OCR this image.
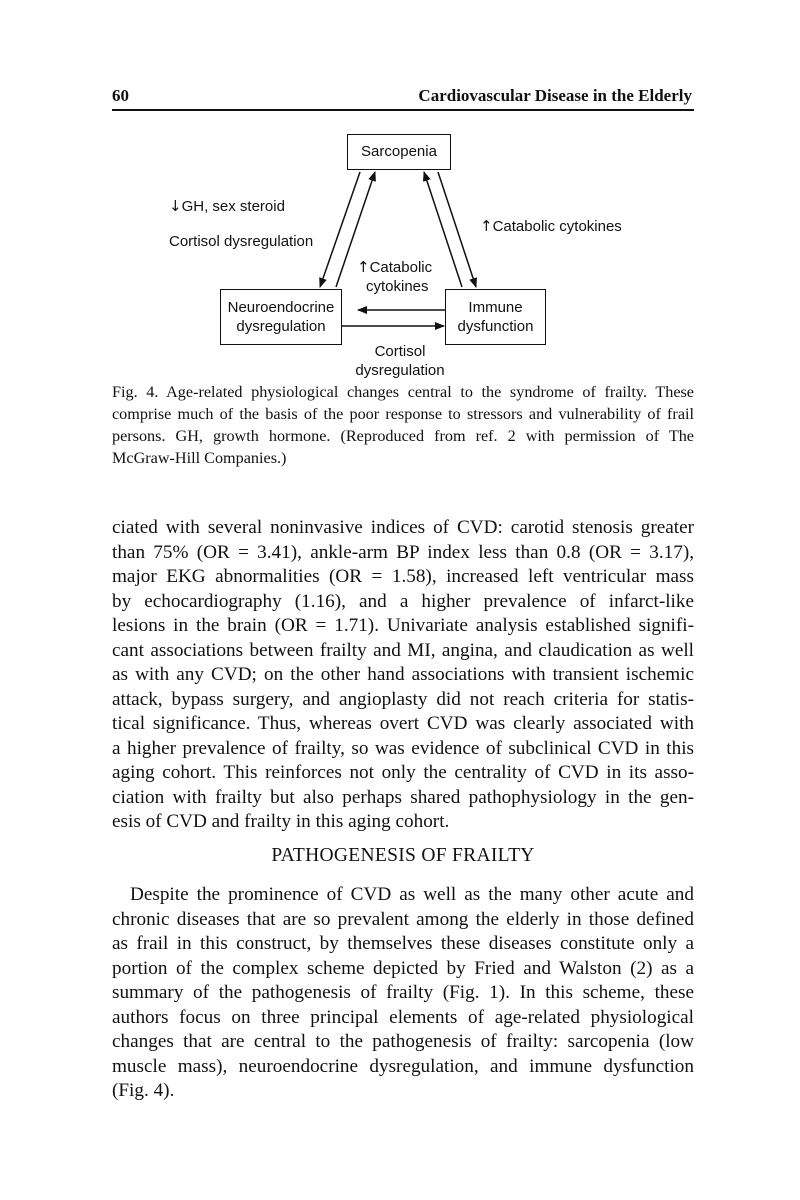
60	Cardiovascular Disease in the Elderly
Sarcopenia
Neuroendocrine
dysregulation
Immune
dysfunction
↓GH, sex steroid
Cortisol dysregulation
↑Catabolic cytokines
↑Catabolic
cytokines
Cortisol
dysregulation
Fig. 4. Age-related physiological changes central to the syndrome of frailty. These comprise much of the basis of the poor response to stressors and vulnerability of frail persons. GH, growth hormone. (Reproduced from ref. 2 with permission of The McGraw-Hill Companies.)
ciated with several noninvasive indices of CVD: carotid stenosis greater
than 75% (OR = 3.41), ankle-arm BP index less than 0.8 (OR = 3.17),
major EKG abnormalities (OR = 1.58), increased left ventricular mass
by echocardiography (1.16), and a higher prevalence of infarct-like
lesions in the brain (OR = 1.71). Univariate analysis established signifi-
cant associations between frailty and MI, angina, and claudication as well
as with any CVD; on the other hand associations with transient ischemic
attack, bypass surgery, and angioplasty did not reach criteria for statis-
tical significance. Thus, whereas overt CVD was clearly associated with
a higher prevalence of frailty, so was evidence of subclinical CVD in this
aging cohort. This reinforces not only the centrality of CVD in its asso-
ciation with frailty but also perhaps shared pathophysiology in the gen-
esis of CVD and frailty in this aging cohort.
PATHOGENESIS OF FRAILTY
Despite the prominence of CVD as well as the many other acute and
chronic diseases that are so prevalent among the elderly in those defined
as frail in this construct, by themselves these diseases constitute only a
portion of the complex scheme depicted by Fried and Walston (2) as a
summary of the pathogenesis of frailty (Fig. 1). In this scheme, these
authors focus on three principal elements of age-related physiological
changes that are central to the pathogenesis of frailty: sarcopenia (low
muscle mass), neuroendocrine dysregulation, and immune dysfunction
(Fig. 4).
